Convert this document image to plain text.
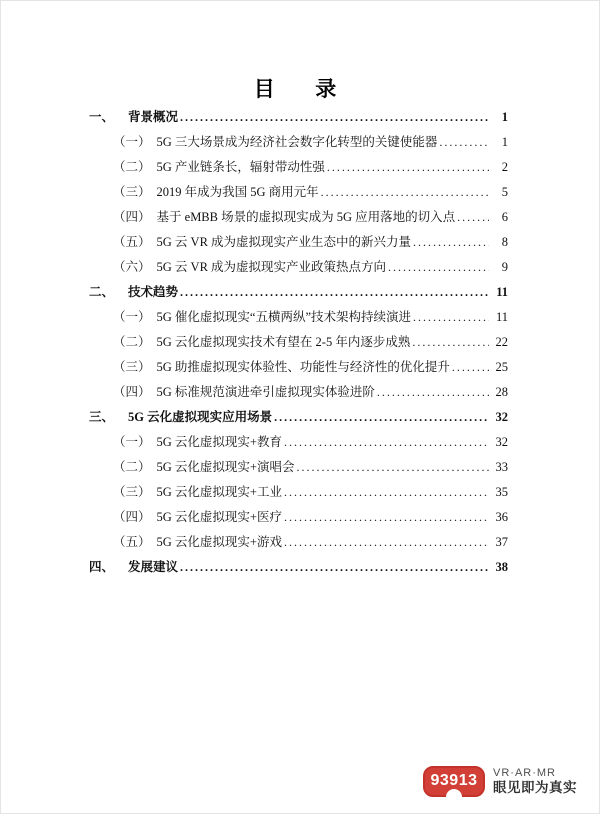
目  录
一、	背景概况 .....	1
（一） 5G 三大场景成为经济社会数字化转型的关键使能器 .....	1
（二） 5G 产业链条长，辐射带动性强 .....	2
（三） 2019 年成为我国 5G 商用元年 .....	5
（四） 基于 eMBB 场景的虚拟现实成为 5G 应用落地的切入点 .....	6
（五） 5G 云 VR 成为虚拟现实产业生态中的新兴力量 .....	8
（六） 5G 云 VR 成为虚拟现实产业政策热点方向 .....	9
二、	技术趋势 .....	11
（一） 5G 催化虚拟现实“五横两纵”技术架构持续演进 .....	11
（二） 5G 云化虚拟现实技术有望在 2-5 年内逐步成熟 .....	22
（三） 5G 助推虚拟现实体验性、功能性与经济性的优化提升 .....	25
（四） 5G 标准规范演进牵引虚拟现实体验进阶 .....	28
三、	5G 云化虚拟现实应用场景 .....	32
（一） 5G 云化虚拟现实+教育 .....	32
（二） 5G 云化虚拟现实+演唱会 .....	33
（三） 5G 云化虚拟现实+工业 .....	35
（四） 5G 云化虚拟现实+医疗 .....	36
（五） 5G 云化虚拟现实+游戏 .....	37
四、	发展建议 .....	38
93913 VR·AR·MR
眼见即为真实
